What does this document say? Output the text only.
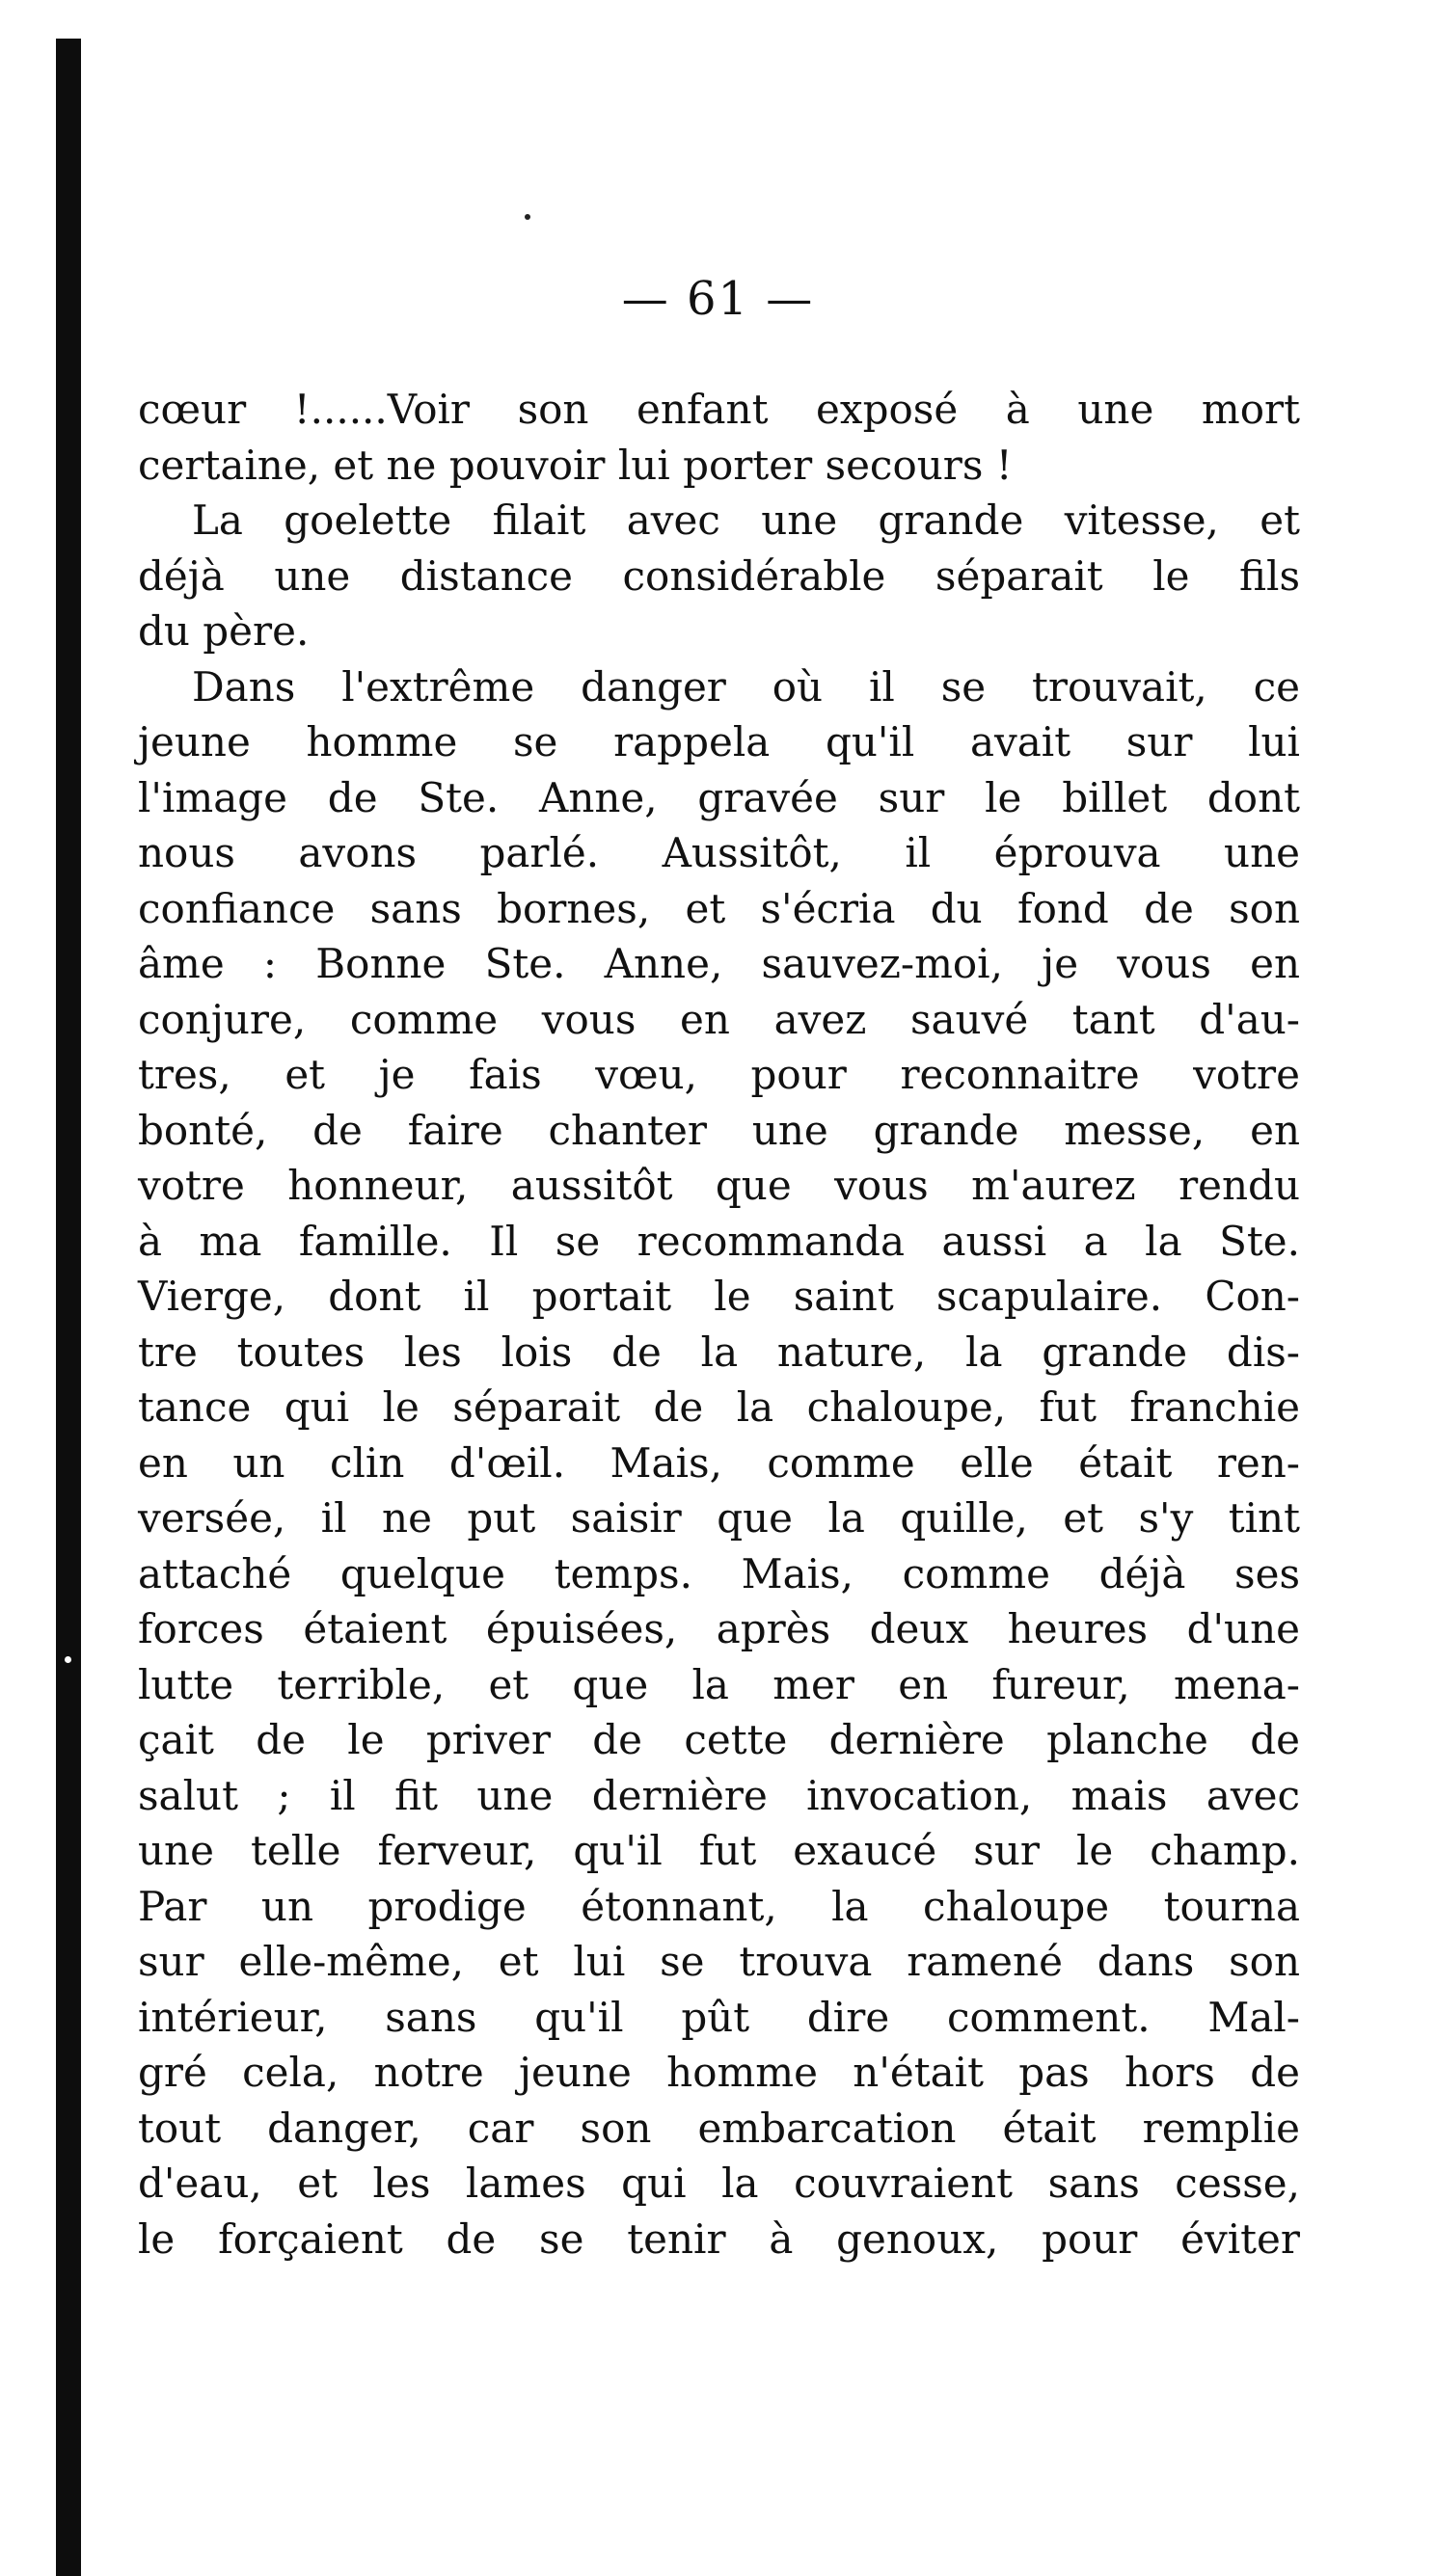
— 61 —
cœur !......Voir son enfant exposé à une mort
certaine, et ne pouvoir lui porter secours !
La goelette filait avec une grande vitesse, et
déjà une distance considérable séparait le fils
du père.
Dans l'extrême danger où il se trouvait, ce
jeune homme se rappela qu'il avait sur lui
l'image de Ste. Anne, gravée sur le billet dont
nous avons parlé. Aussitôt, il éprouva une
confiance sans bornes, et s'écria du fond de son
âme : Bonne Ste. Anne, sauvez-moi, je vous en
conjure, comme vous en avez sauvé tant d'au-
tres, et je fais vœu, pour reconnaitre votre
bonté, de faire chanter une grande messe, en
votre honneur, aussitôt que vous m'aurez rendu
à ma famille. Il se recommanda aussi a la Ste.
Vierge, dont il portait le saint scapulaire. Con-
tre toutes les lois de la nature, la grande dis-
tance qui le séparait de la chaloupe, fut franchie
en un clin d'œil. Mais, comme elle était ren-
versée, il ne put saisir que la quille, et s'y tint
attaché quelque temps. Mais, comme déjà ses
forces étaient épuisées, après deux heures d'une
lutte terrible, et que la mer en fureur, mena-
çait de le priver de cette dernière planche de
salut ; il fit une dernière invocation, mais avec
une telle ferveur, qu'il fut exaucé sur le champ.
Par un prodige étonnant, la chaloupe tourna
sur elle-même, et lui se trouva ramené dans son
intérieur, sans qu'il pût dire comment. Mal-
gré cela, notre jeune homme n'était pas hors de
tout danger, car son embarcation était remplie
d'eau, et les lames qui la couvraient sans cesse,
le forçaient de se tenir à genoux, pour éviter
